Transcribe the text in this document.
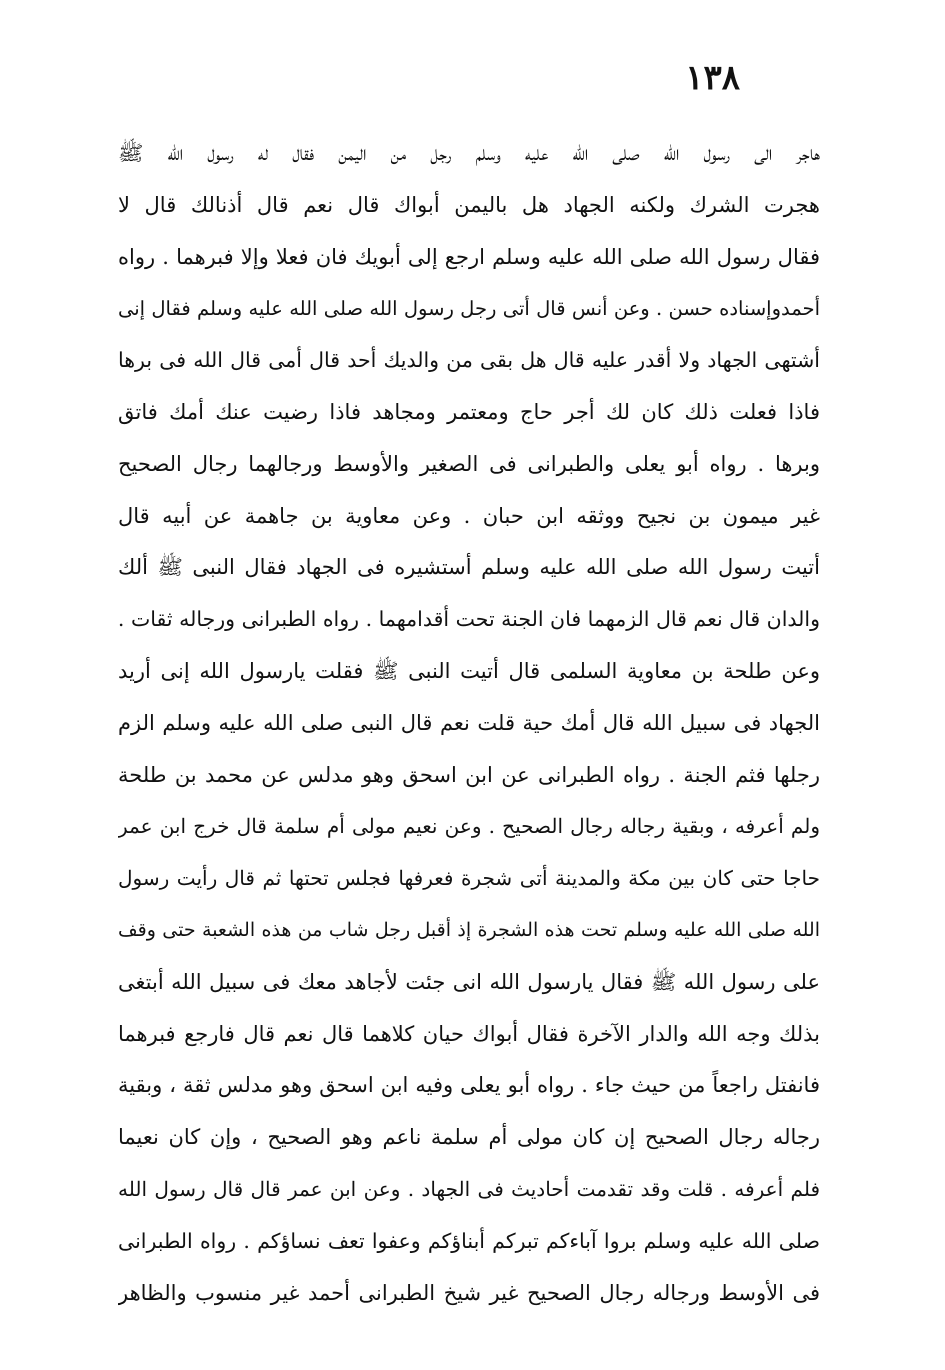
١٣٨
هاجر الى رسول الله صلى الله عليه وسلم رجل من اليمن فقال له رسول الله ﷺ
هجرت الشرك ولكنه الجهاد هل باليمن أبواك قال نعم قال أذنالك قال لا
فقال رسول الله صلى الله عليه وسلم ارجع إلى أبويك فان فعلا وإلا فبرهما . رواه
أحمدوإسناده حسن . وعن أنس قال أتى رجل رسول الله صلى الله عليه وسلم فقال إنى
أشتهى الجهاد ولا أقدر عليه قال هل بقى من والديك أحد قال أمى قال الله فى برها
فاذا فعلت ذلك كان لك أجر حاج ومعتمر ومجاهد فاذا رضيت عنك أمك فاتق
وبرها . رواه أبو يعلى والطبرانى فى الصغير والأوسط ورجالهما رجال الصحيح
غير ميمون بن نجيح ووثقه ابن حبان . وعن معاوية بن جاهمة عن أبيه قال
أتيت رسول الله صلى الله عليه وسلم أستشيره فى الجهاد فقال النبى ﷺ ألك
والدان قال نعم قال الزمهما فان الجنة تحت أقدامهما . رواه الطبرانى ورجاله ثقات .
وعن طلحة بن معاوية السلمى قال أتيت النبى ﷺ فقلت يارسول الله إنى أريد
الجهاد فى سبيل الله قال أمك حية قلت نعم قال النبى صلى الله عليه وسلم الزم
رجلها فثم الجنة . رواه الطبرانى عن ابن اسحق وهو مدلس عن محمد بن طلحة
ولم أعرفه ، وبقية رجاله رجال الصحيح . وعن نعيم مولى أم سلمة قال خرج ابن عمر
حاجا حتى كان بين مكة والمدينة أتى شجرة فعرفها فجلس تحتها ثم قال رأيت رسول
الله صلى الله عليه وسلم تحت هذه الشجرة إذ أقبل رجل شاب من هذه الشعبة حتى وقف
على رسول الله ﷺ فقال يارسول الله انى جئت لأجاهد معك فى سبيل الله أبتغى
بذلك وجه الله والدار الآخرة فقال أبواك حيان كلاهما قال نعم قال فارجع فبرهما
فانفتل راجعاً من حيث جاء . رواه أبو يعلى وفيه ابن اسحق وهو مدلس ثقة ، وبقية
رجاله رجال الصحيح إن كان مولى أم سلمة ناعم وهو الصحيح ، وإن كان نعيما
فلم أعرفه . قلت وقد تقدمت أحاديث فى الجهاد . وعن ابن عمر قال قال رسول الله
صلى الله عليه وسلم بروا آباءكم تبركم أبناؤكم وعفوا تعف نساؤكم . رواه الطبرانى
فى الأوسط ورجاله رجال الصحيح غير شيخ الطبرانى أحمد غير منسوب والظاهر
